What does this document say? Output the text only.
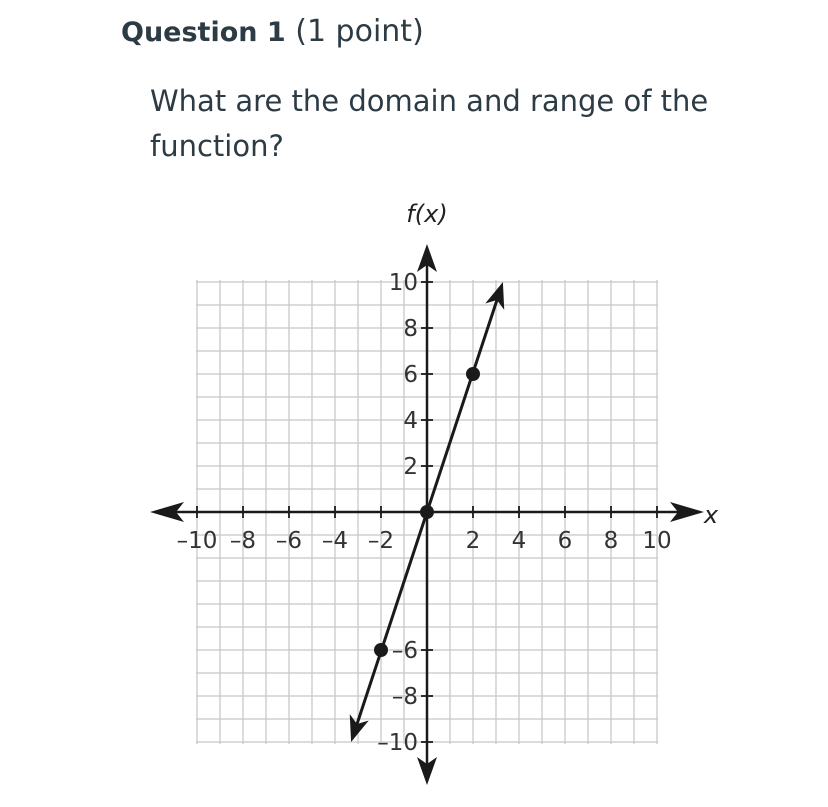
Question 1 (1 point)
What are the domain and range of the function?
–10 –8 –6 –4 –2	2 4 6 8 10
10
8
6
4
2
–6
–8
–10
x
f(x)
